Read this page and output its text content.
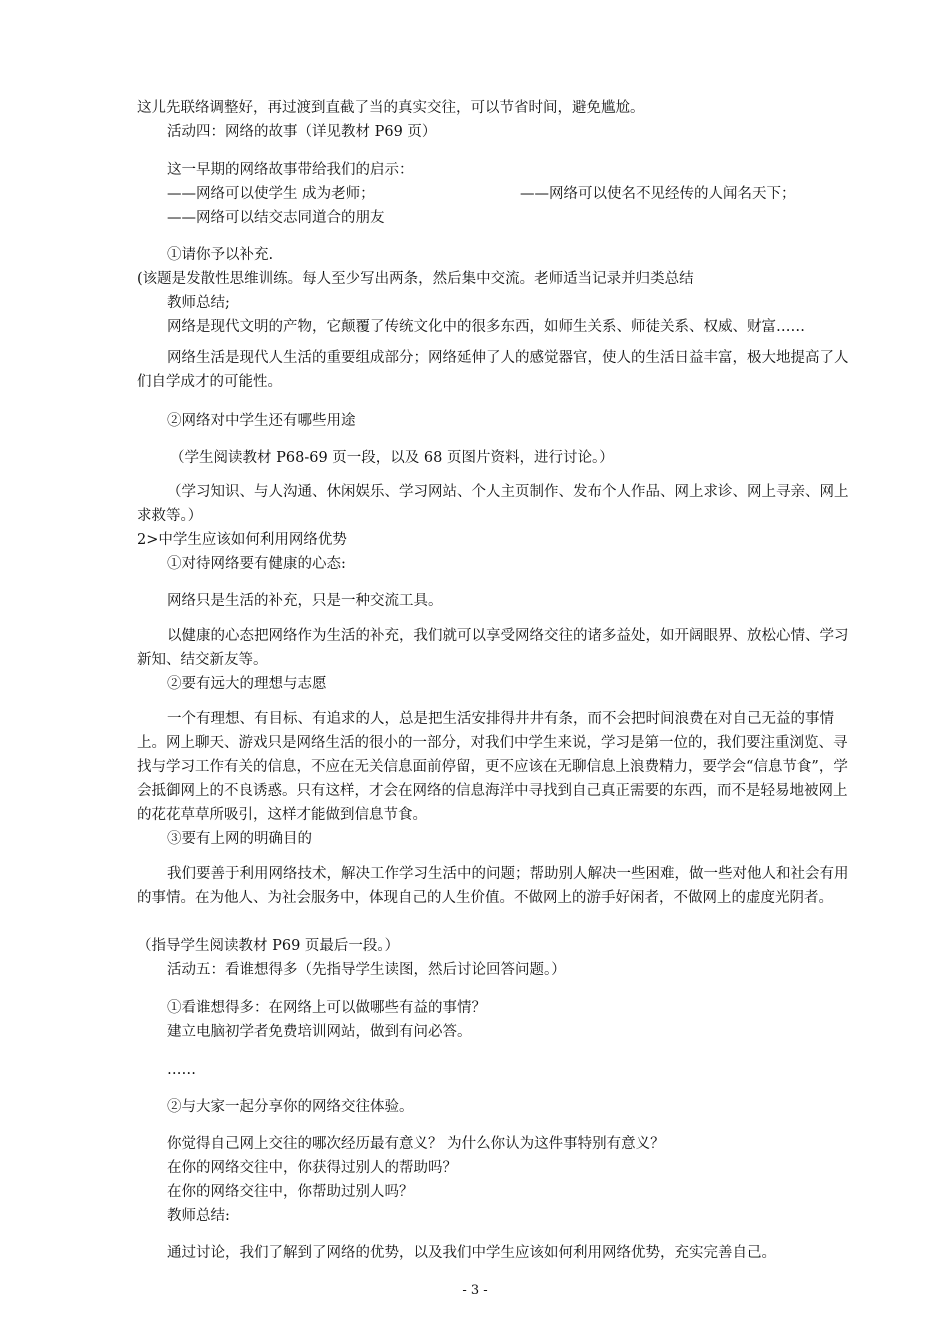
这儿先联络调整好，再过渡到直截了当的真实交往，可以节省时间，避免尴尬。
活动四：网络的故事（详见教材 P69 页）
这一早期的网络故事带给我们的启示：
——网络可以使学生 成为老师；	——网络可以使名不见经传的人闻名天下；
——网络可以结交志同道合的朋友
①请你予以补充.
(该题是发散性思维训练。每人至少写出两条，然后集中交流。老师适当记录并归类总结
教师总结;
网络是现代文明的产物，它颠覆了传统文化中的很多东西，如师生关系、师徒关系、权威、财富……
网络生活是现代人生活的重要组成部分；网络延伸了人的感觉器官，使人的生活日益丰富，极大地提高了人们自学成才的可能性。
②网络对中学生还有哪些用途
（学生阅读教材 P68-69 页一段，以及 68 页图片资料，进行讨论。）
（学习知识、与人沟通、休闲娱乐、学习网站、个人主页制作、发布个人作品、网上求诊、网上寻亲、网上求救等。）
2>中学生应该如何利用网络优势
①对待网络要有健康的心态:
网络只是生活的补充，只是一种交流工具。
以健康的心态把网络作为生活的补充，我们就可以享受网络交往的诸多益处，如开阔眼界、放松心情、学习新知、结交新友等。
②要有远大的理想与志愿
一个有理想、有目标、有追求的人，总是把生活安排得井井有条，而不会把时间浪费在对自己无益的事情上。网上聊天、游戏只是网络生活的很小的一部分，对我们中学生来说，学习是第一位的，我们要注重浏览、寻找与学习工作有关的信息，不应在无关信息面前停留，更不应该在无聊信息上浪费精力，要学会“信息节食”，学会抵御网上的不良诱惑。只有这样，才会在网络的信息海洋中寻找到自己真正需要的东西，而不是轻易地被网上的花花草草所吸引，这样才能做到信息节食。
③要有上网的明确目的
我们要善于利用网络技术，解决工作学习生活中的问题；帮助别人解决一些困难，做一些对他人和社会有用的事情。在为他人、为社会服务中，体现自己的人生价值。不做网上的游手好闲者，不做网上的虚度光阴者。
（指导学生阅读教材 P69 页最后一段。）
活动五：看谁想得多（先指导学生读图，然后讨论回答问题。）
①看谁想得多：在网络上可以做哪些有益的事情？
建立电脑初学者免费培训网站，做到有问必答。
……
②与大家一起分享你的网络交往体验。
你觉得自己网上交往的哪次经历最有意义？ 为什么你认为这件事特别有意义？
在你的网络交往中，你获得过别人的帮助吗？
在你的网络交往中，你帮助过别人吗？
教师总结:
通过讨论，我们了解到了网络的优势，以及我们中学生应该如何利用网络优势，充实完善自己。
- 3 -
